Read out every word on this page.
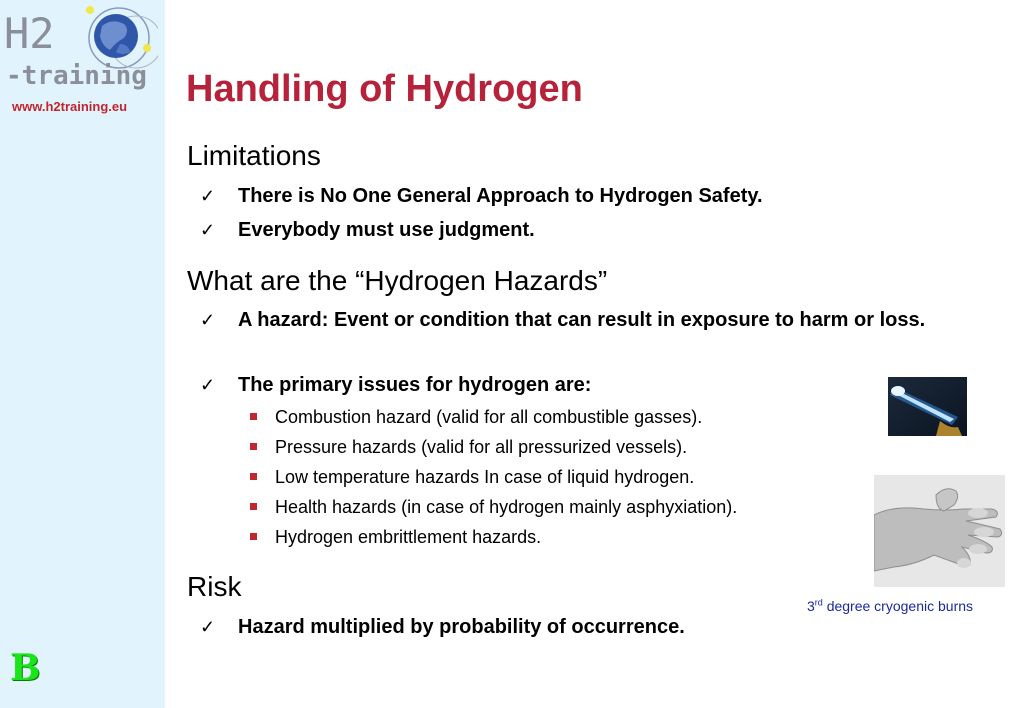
H2
-training
www.h2training.eu
B
Handling of Hydrogen
Limitations
✓ There is No One General Approach to Hydrogen Safety.
✓ Everybody must use judgment.
What are the “Hydrogen Hazards”
✓ A hazard: Event or condition that can result in exposure to harm or loss.
✓ The primary issues for hydrogen are:
Combustion hazard (valid for all combustible gasses).
Pressure hazards (valid for all pressurized vessels).
Low temperature hazards In case of liquid hydrogen.
Health hazards (in case of hydrogen mainly asphyxiation).
Hydrogen embrittlement hazards.
Risk
✓ Hazard multiplied by probability of occurrence.
3rd degree cryogenic burns
